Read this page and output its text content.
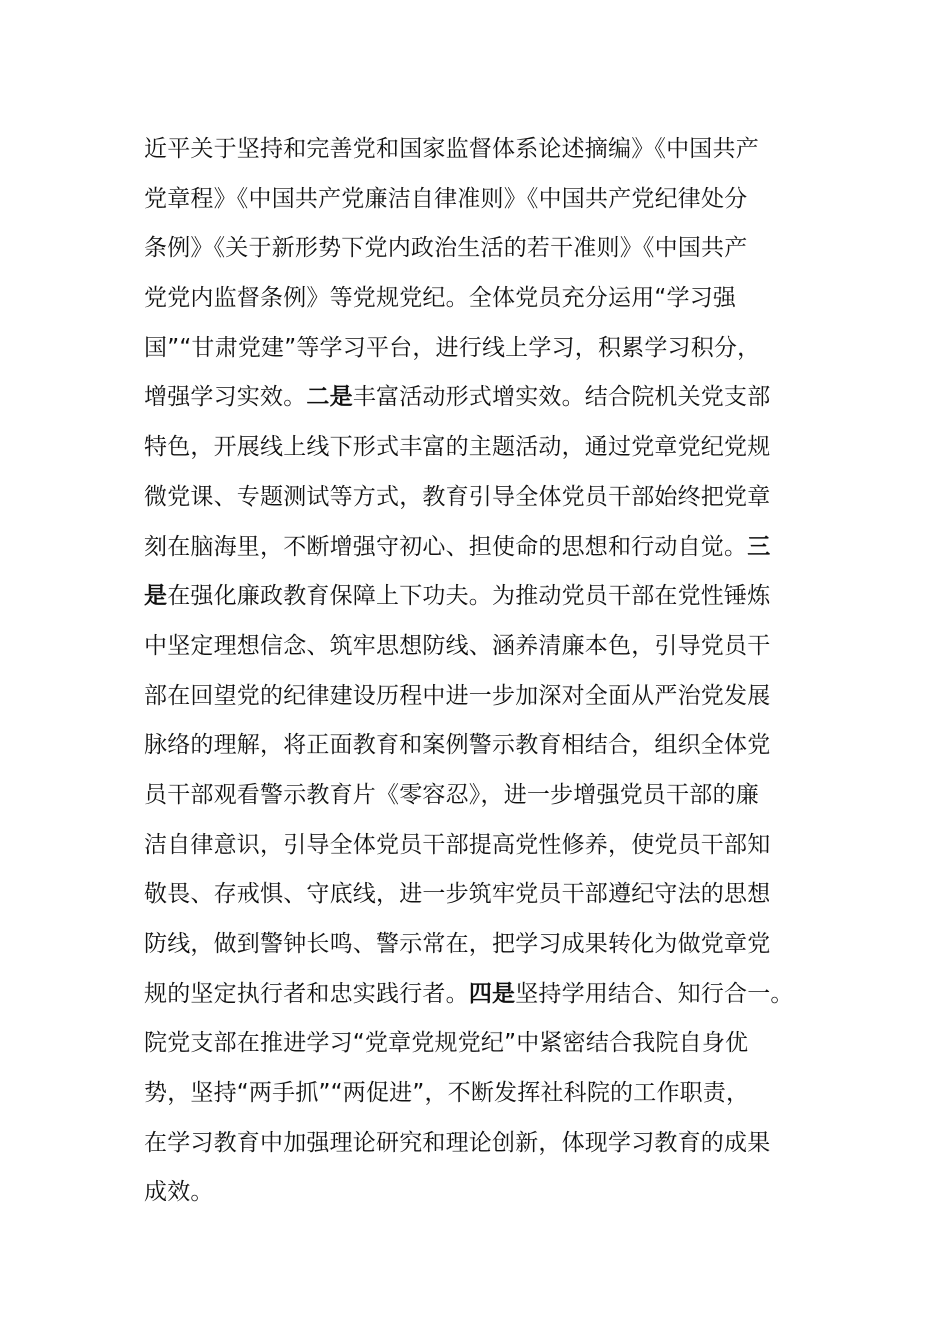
近平关于坚持和完善党和国家监督体系论述摘编》《中国共产
党章程》《中国共产党廉洁自律准则》《中国共产党纪律处分
条例》《关于新形势下党内政治生活的若干准则》《中国共产
党党内监督条例》等党规党纪。全体党员充分运用“学习强
国”“甘肃党建”等学习平台，进行线上学习，积累学习积分，
增强学习实效。二是丰富活动形式增实效。结合院机关党支部
特色，开展线上线下形式丰富的主题活动，通过党章党纪党规
微党课、专题测试等方式，教育引导全体党员干部始终把党章
刻在脑海里，不断增强守初心、担使命的思想和行动自觉。三
是在强化廉政教育保障上下功夫。为推动党员干部在党性锤炼
中坚定理想信念、筑牢思想防线、涵养清廉本色，引导党员干
部在回望党的纪律建设历程中进一步加深对全面从严治党发展
脉络的理解，将正面教育和案例警示教育相结合，组织全体党
员干部观看警示教育片《零容忍》，进一步增强党员干部的廉
洁自律意识，引导全体党员干部提高党性修养，使党员干部知
敬畏、存戒惧、守底线，进一步筑牢党员干部遵纪守法的思想
防线，做到警钟长鸣、警示常在，把学习成果转化为做党章党
规的坚定执行者和忠实践行者。四是坚持学用结合、知行合一。
院党支部在推进学习“党章党规党纪”中紧密结合我院自身优
势，坚持“两手抓”“两促进”，不断发挥社科院的工作职责，
在学习教育中加强理论研究和理论创新，体现学习教育的成果
成效。
